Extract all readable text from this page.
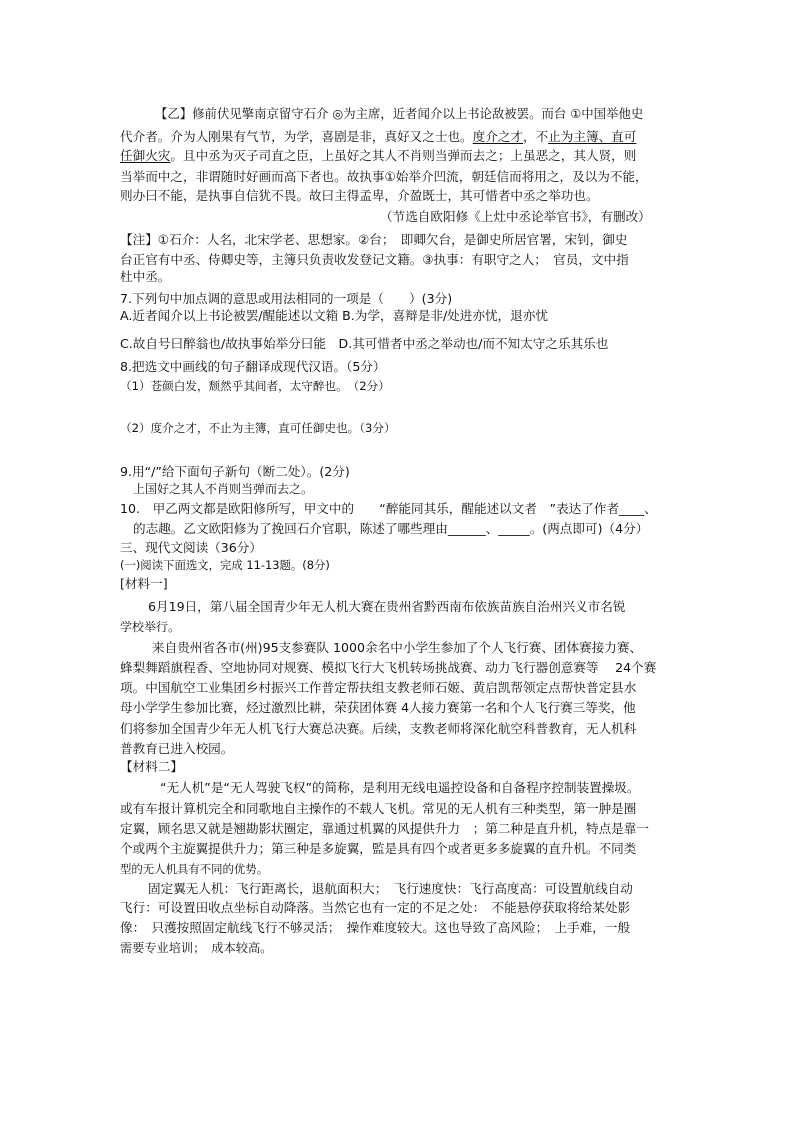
【乙】修前伏见擎南京留守石介 ◎为主席，近者闻介以上书论敌被罢。而台 ①中国举他史
代介者。介为人刚果有气节，为学，喜剧是非，真好又之士也。度介之才，不止为主簿、直可
任御火灾。且中丞为灭子司直之臣，上虽好之其人不肖则当弹而去之；上虽恶之，其人贤，则
当举而中之，非谓随时好画而高下者也。故执事①始举介凹流，朝廷信而将用之，及以为不能，
则办曰不能，是执事自信犹不畏。故曰主得孟卑，介盈既士，其可惜者中丞之举功也。
（节选自欧阳修《上灶中丞论举官书》，有删改）
【注】①石介：人名，北宋学老、思想家。②台；　即卿欠台，是御史所居官署，宋钊，御史
台正官有中丞、侍卿史等，主簿只负责收发登记文籍。③执事：有职守之人；　官员，文中指
杜中丞。
7.下列句中加点调的意思或用法相同的一项是（　　）(3分)
A.近者闻介以上书论被罢/醒能述以文箱 B.为学，喜辩是非/处进亦忧，退亦忧
C.故自号曰醉翁也/故执事始举分曰能　D.其可惜者中丞之举动也/而不知太守之乐其乐也
8.把选文中画线的句子翻译成现代汉语。（5分）
（1）苍颜白发，颓然乎其间者，太守醉也。　（2分）
（2）度介之才，不止为主簿，直可任御史也。（3分）
9.用“/”给下面句子新句（断二处）。(2分)
上国好之其人不肖则当弹而去之。
10.　甲乙两文都是欧阳修所写，甲文中的　　“醉能同其乐，醒能述以文者　”表达了作者____、
的志趣。乙文欧阳修为了挽回石介官职，陈述了哪些理由______、_____。(两点即可)（4分）
三、现代文阅读（36分）
(一)阅读下面选文，完成 11-13题。(8分)
[材料一]
6月19日，第八届全国青少年无人机大赛在贵州省黔西南布依族苗族自治州兴义市名锐
学校举行。
来自贵州省各市(州)95支参赛队 1000余名中小学生参加了个人飞行赛、团体赛接力赛、
蜂梨舞蹈旗程香、空地协同对规赛、模拟飞行大飞机转场挑战赛、动力飞行器创意赛等　 24个赛
项。中国航空工业集团乡村振兴工作普定帮扶组支教老师石姬、黄启凯帮领定点帮快普定县水
母小学学生参加比赛，烃过激烈比耕，荣获团体赛 4人接力赛第一名和个人飞行赛三等奖，他
们将参加全国青少年无人机飞行大赛总决赛。后续，支教老师将深化航空科普教育，无人机科
普教育已进入校园。
【材料二】
“无人机”是“无人驾驶飞权”的简称，是利用无线电遥控设备和自备程序控制装置操圾。
或有车报计算机完全和同歌地自主操作的不载人飞机。常见的无人机有三种类型，第一肿是圈
定翼，顾名思又就是翘勘影状圈定，靠通过机翼的风提供升力　；第二种是直升机，特点是靠一
个或两个主旋翼提供升力；第三种是多旋翼，監是具有四个或者更多多旋翼的直升机。不同类
型的无人机具有不同的优势。
固定翼无人机：飞行距离长，退航面积大；　飞行速度快：飞行高度高：可设置航线自动
飞行：可设置田收点坐标自动降落。当然它也有一定的不足之处：　不能悬停获取将给某处影
像：　只濩按照固定航线飞行不够灵活；　操作难度较大。这也导致了高风险；　上手难，一般
需要专业培训；　成本较高。
